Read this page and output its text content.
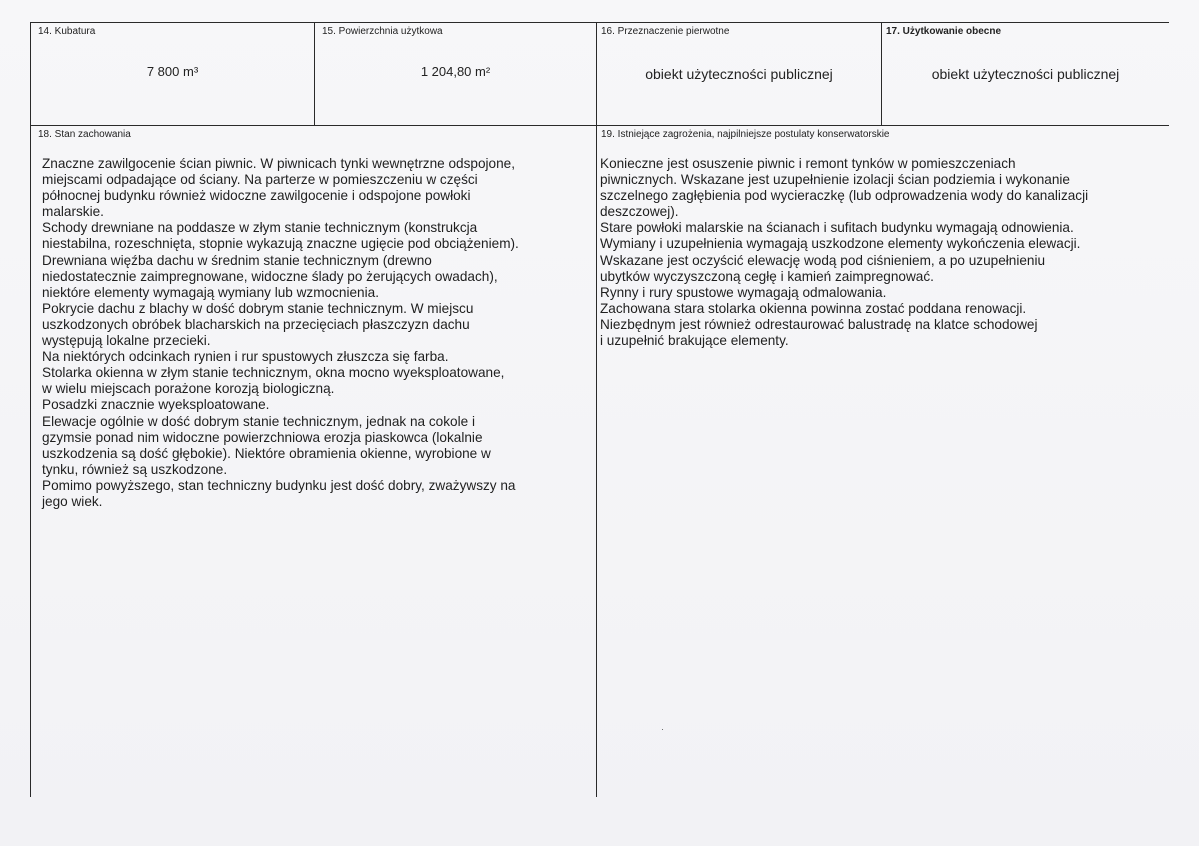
14. Kubatura
7 800 m³
15. Powierzchnia użytkowa
1 204,80 m²
16. Przeznaczenie pierwotne
obiekt użyteczności publicznej
17. Użytkowanie obecne
obiekt użyteczności publicznej
18. Stan zachowania
Znaczne zawilgocenie ścian piwnic. W piwnicach tynki wewnętrzne odspojone,
miejscami odpadające od ściany. Na parterze w pomieszczeniu w części
północnej budynku również widoczne zawilgocenie i odspojone powłoki
malarskie.
Schody drewniane na poddasze w złym stanie technicznym (konstrukcja
niestabilna, rozeschnięta, stopnie wykazują znaczne ugięcie pod obciążeniem).
Drewniana więźba dachu w średnim stanie technicznym (drewno
niedostatecznie zaimpregnowane, widoczne ślady po żerujących owadach),
niektóre elementy wymagają wymiany lub wzmocnienia.
Pokrycie dachu z blachy w dość dobrym stanie technicznym. W miejscu
uszkodzonych obróbek blacharskich na przecięciach płaszczyzn dachu
występują lokalne przecieki.
Na niektórych odcinkach rynien i rur spustowych złuszcza się farba.
Stolarka okienna w złym stanie technicznym, okna mocno wyeksploatowane,
w wielu miejscach porażone korozją biologiczną.
Posadzki znacznie wyeksploatowane.
Elewacje ogólnie w dość dobrym stanie technicznym, jednak na cokole i
gzymsie ponad nim widoczne powierzchniowa erozja piaskowca (lokalnie
uszkodzenia są dość głębokie). Niektóre obramienia okienne, wyrobione w
tynku, również są uszkodzone.
Pomimo powyższego, stan techniczny budynku jest dość dobry, zważywszy na
jego wiek.
19. Istniejące zagrożenia, najpilniejsze postulaty konserwatorskie
Konieczne jest osuszenie piwnic i remont tynków w pomieszczeniach
piwnicznych. Wskazane jest uzupełnienie izolacji ścian podziemia i wykonanie
szczelnego zagłębienia pod wycieraczkę (lub odprowadzenia wody do kanalizacji
deszczowej).
Stare powłoki malarskie na ścianach i sufitach budynku wymagają odnowienia.
Wymiany i uzupełnienia wymagają uszkodzone elementy wykończenia elewacji.
Wskazane jest oczyścić elewację wodą pod ciśnieniem, a po uzupełnieniu
ubytków wyczyszczoną cegłę i kamień zaimpregnować.
Rynny i rury spustowe wymagają odmalowania.
Zachowana stara stolarka okienna powinna zostać poddana renowacji.
Niezbędnym jest również odrestaurować balustradę na klatce schodowej
i uzupełnić brakujące elementy.
·
